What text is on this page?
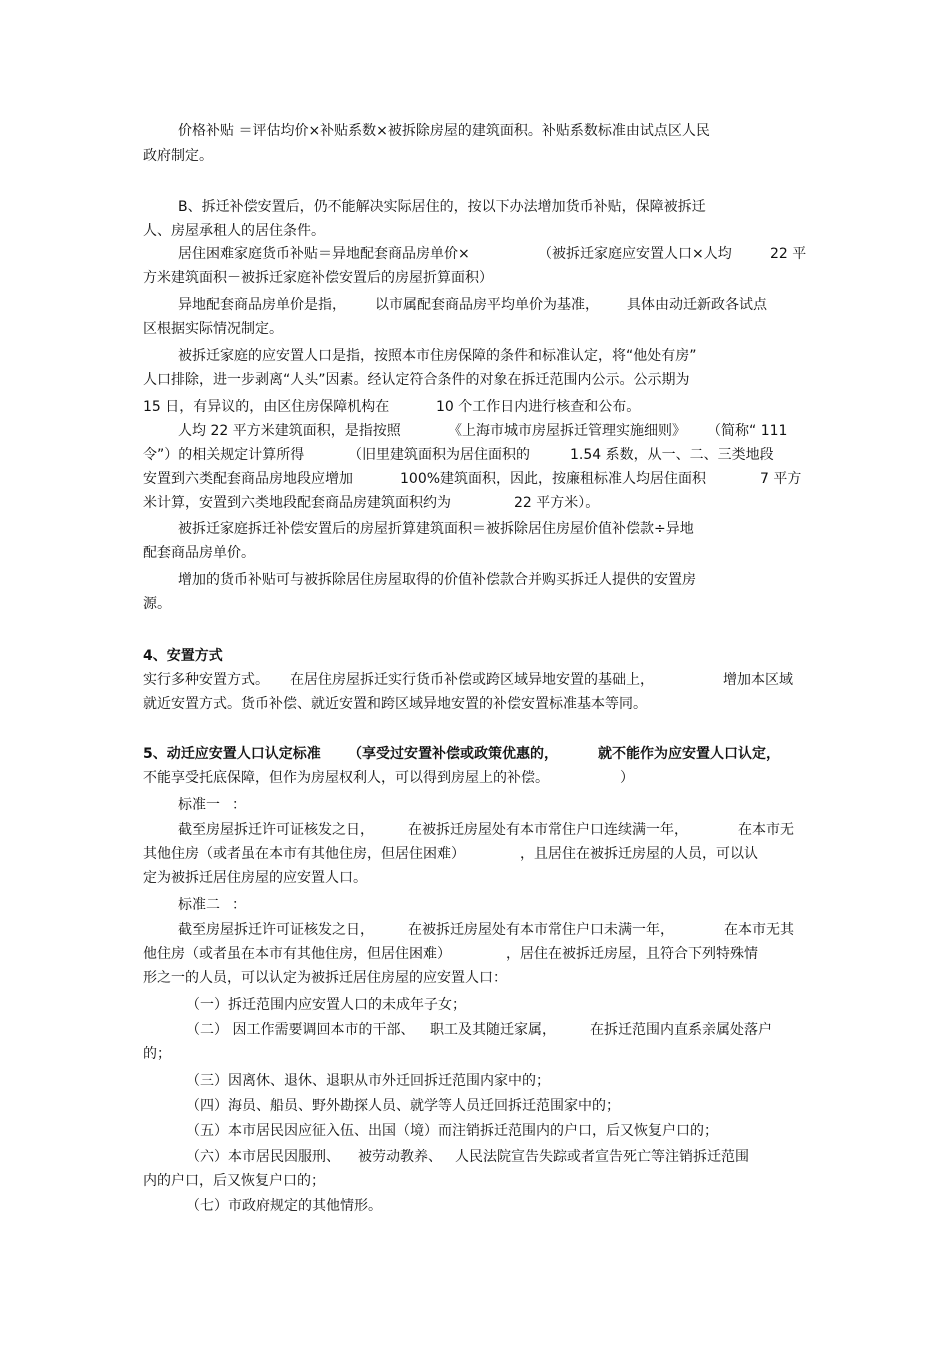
价格补贴 ＝评估均价×补贴系数×被拆除房屋的建筑面积。补贴系数标准由试点区人民
政府制定。
B、拆迁补偿安置后，仍不能解决实际居住的，按以下办法增加货币补贴，保障被拆迁
人、房屋承租人的居住条件。
居住困难家庭货币补贴＝异地配套商品房单价×	（被拆迁家庭应安置人口×人均	22 平
方米建筑面积－被拆迁家庭补偿安置后的房屋折算面积）
异地配套商品房单价是指， 以市属配套商品房平均单价为基准， 具体由动迁新政各试点
区根据实际情况制定。
被拆迁家庭的应安置人口是指，按照本市住房保障的条件和标准认定，将“他处有房”
人口排除，进一步剥离“人头”因素。经认定符合条件的对象在拆迁范围内公示。公示期为
15 日，有异议的，由区住房保障机构在	10 个工作日内进行核查和公布。
人均 22 平方米建筑面积，是指按照	《上海市城市房屋拆迁管理实施细则》 （简称“ 111
令”）的相关规定计算所得	（旧里建筑面积为居住面积的	1.54 系数，从一、二、三类地段
安置到六类配套商品房地段应增加	100%建筑面积，因此，按廉租标准人均居住面积	7 平方
米计算，安置到六类地段配套商品房建筑面积约为	22 平方米）。
被拆迁家庭拆迁补偿安置后的房屋折算建筑面积＝被拆除居住房屋价值补偿款÷异地
配套商品房单价。
增加的货币补贴可与被拆除居住房屋取得的价值补偿款合并购买拆迁人提供的安置房
源。
4、安置方式
实行多种安置方式。 在居住房屋拆迁实行货币补偿或跨区域异地安置的基础上，	增加本区域
就近安置方式。货币补偿、就近安置和跨区域异地安置的补偿安置标准基本等同。
5、动迁应安置人口认定标准 （享受过安置补偿或政策优惠的，	就不能作为应安置人口认定，
不能享受托底保障，但作为房屋权利人，可以得到房屋上的补偿。	）
标准一 ：
截至房屋拆迁许可证核发之日， 在被拆迁房屋处有本市常住户口连续满一年，	在本市无
其他住房（或者虽在本市有其他住房，但居住困难）	，且居住在被拆迁房屋的人员，可以认
定为被拆迁居住房屋的应安置人口。
标准二 ：
截至房屋拆迁许可证核发之日， 在被拆迁房屋处有本市常住户口未满一年，	在本市无其
他住房（或者虽在本市有其他住房，但居住困难）	，居住在被拆迁房屋，且符合下列特殊情
形之一的人员，可以认定为被拆迁居住房屋的应安置人口：
（一）拆迁范围内应安置人口的未成年子女；
（二） 因工作需要调回本市的干部、 职工及其随迁家属， 在拆迁范围内直系亲属处落户
的；
（三）因离休、退休、退职从市外迁回拆迁范围内家中的；
（四）海员、船员、野外勘探人员、就学等人员迁回拆迁范围家中的；
（五）本市居民因应征入伍、出国（境）而注销拆迁范围内的户口，后又恢复户口的；
（六） 本市居民因服刑、 被劳动教养、 人民法院宣告失踪或者宣告死亡等注销拆迁范围
内的户口，后又恢复户口的；
（七）市政府规定的其他情形。
